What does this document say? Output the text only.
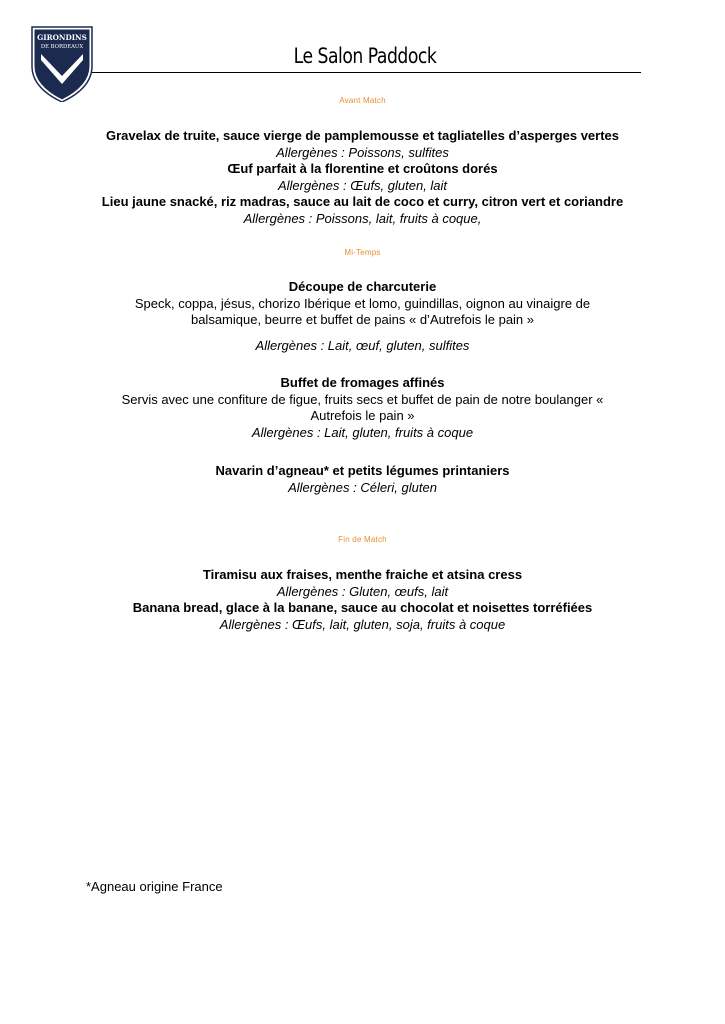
GIRONDINS
DE BORDEAUX
1881
Le Salon Paddock
Avant Match
Gravelax de truite, sauce vierge de pamplemousse et tagliatelles d’asperges vertes
Allergènes : Poissons, sulfites
Œuf parfait à la florentine et croûtons dorés
Allergènes : Œufs, gluten, lait
Lieu jaune snacké, riz madras, sauce au lait de coco et curry, citron vert et coriandre
Allergènes : Poissons, lait, fruits à coque,
Mi-Temps
Découpe de charcuterie
Speck, coppa, jésus, chorizo Ibérique et lomo, guindillas, oignon au vinaigre de balsamique, beurre et buffet de pains « d’Autrefois le pain »
Allergènes : Lait, œuf, gluten, sulfites
Buffet de fromages affinés
Servis avec une confiture de figue, fruits secs et buffet de pain de notre boulanger « Autrefois le pain »
Allergènes : Lait, gluten, fruits à coque
Navarin d’agneau* et petits légumes printaniers
Allergènes : Céleri, gluten
Fin de Match
Tiramisu aux fraises, menthe fraiche et atsina cress
Allergènes : Gluten, œufs, lait
Banana bread, glace à la banane, sauce au chocolat et noisettes torréfiées
Allergènes : Œufs, lait, gluten, soja, fruits à coque
*Agneau origine France
